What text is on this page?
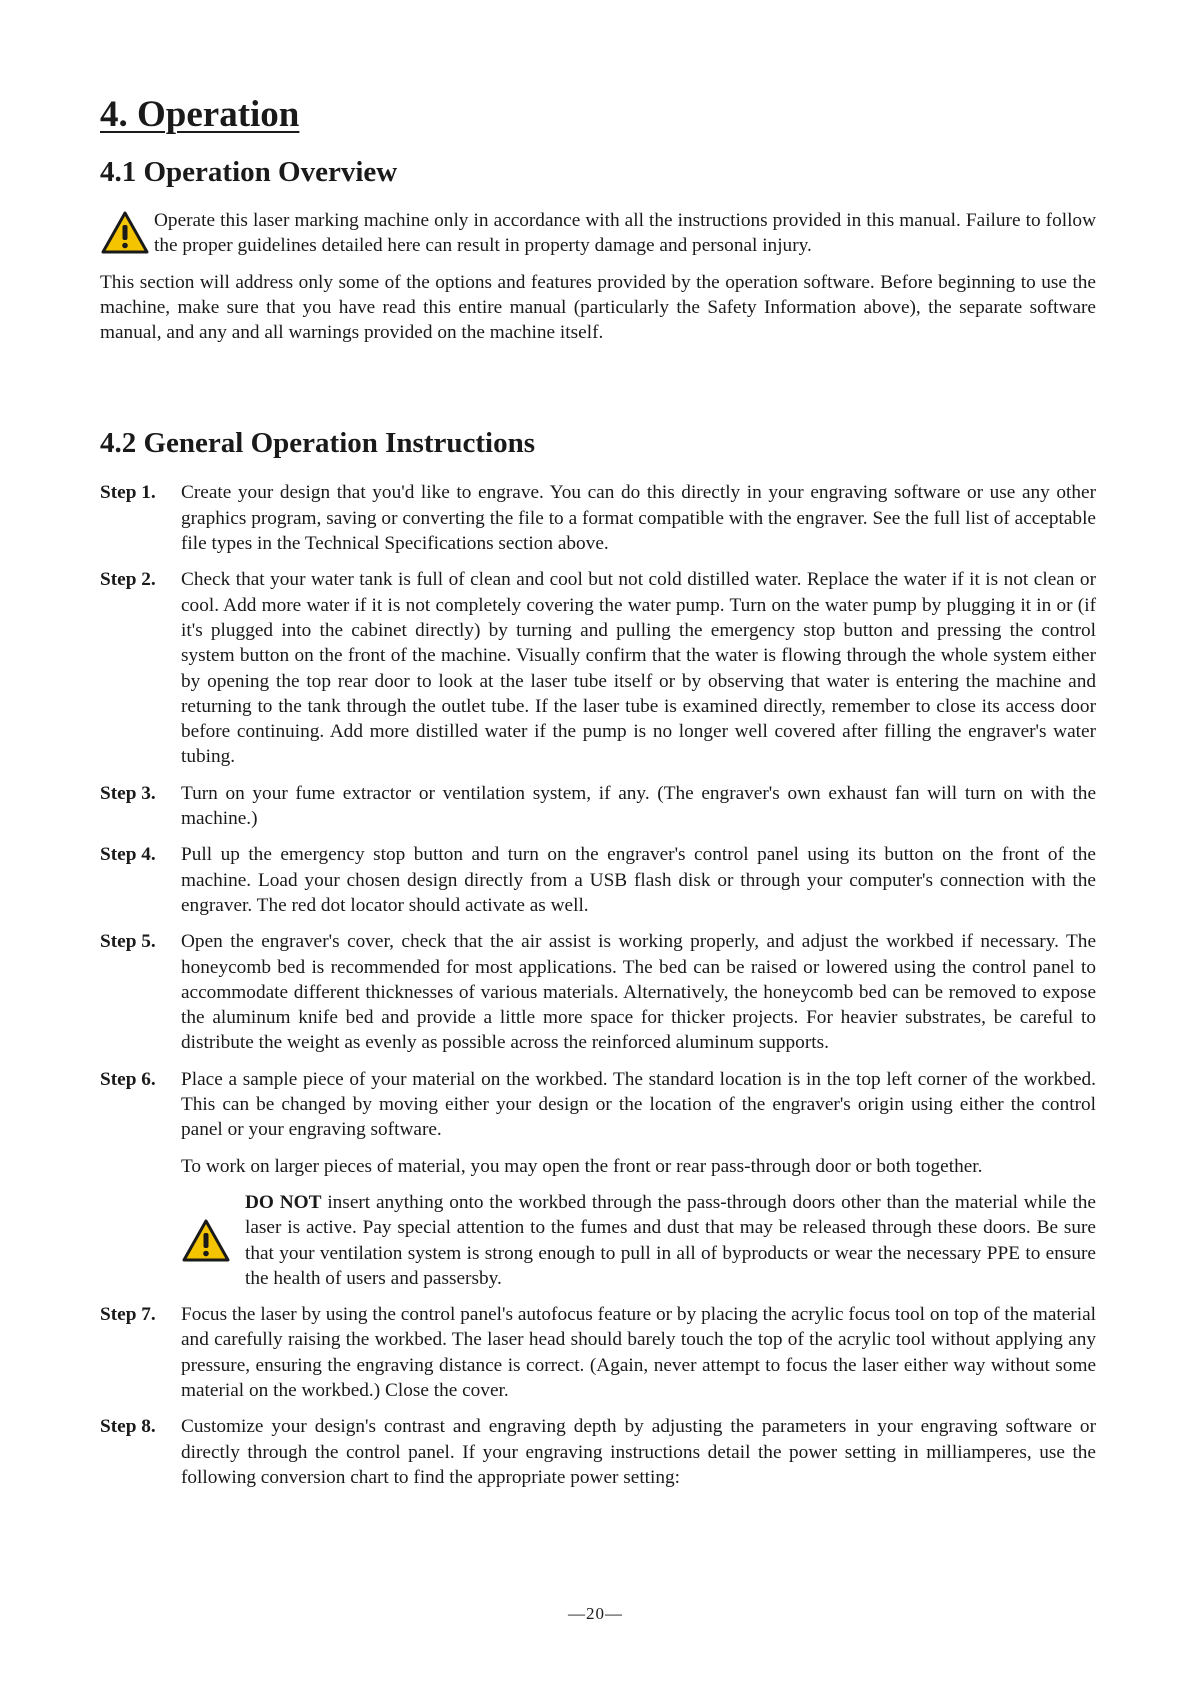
4. Operation
4.1 Operation Overview

Operate this laser marking machine only in accordance with all the instructions provided in this manual. Failure to follow the proper guidelines detailed here can result in property damage and personal injury.

This section will address only some of the options and features provided by the operation software. Before beginning to use the machine, make sure that you have read this entire manual (particularly the Safety Information above), the separate software manual, and any and all warnings provided on the machine itself.

4.2 General Operation Instructions
Step 1.	Create your design that you'd like to engrave. You can do this directly in your engraving software or use any other graphics program, saving or converting the file to a format compatible with the engraver. See the full list of acceptable file types in the Technical Specifications section above.

Step 2.	Check that your water tank is full of clean and cool but not cold distilled water. Replace the water if it is not clean or cool. Add more water if it is not completely covering the water pump. Turn on the water pump by plugging it in or (if it's plugged into the cabinet directly) by turning and pulling the emergency stop button and pressing the control system button on the front of the machine. Visually confirm that the water is flowing through the whole system either by opening the top rear door to look at the laser tube itself or by observing that water is entering the machine and returning to the tank through the outlet tube. If the laser tube is examined directly, remember to close its access door before continuing. Add more distilled water if the pump is no longer well covered after filling the engraver's water tubing.

Step 3.	Turn on your fume extractor or ventilation system, if any. (The engraver's own exhaust fan will turn on with the machine.)

Step 4.	Pull up the emergency stop button and turn on the engraver's control panel using its button on the front of the machine. Load your chosen design directly from a USB flash disk or through your computer's connection with the engraver. The red dot locator should activate as well.

Step 5.	Open the engraver's cover, check that the air assist is working properly, and adjust the workbed if necessary. The honeycomb bed is recommended for most applications. The bed can be raised or lowered using the control panel to accommodate different thicknesses of various materials. Alternatively, the honeycomb bed can be removed to expose the aluminum knife bed and provide a little more space for thicker projects. For heavier substrates, be careful to distribute the weight as evenly as possible across the reinforced aluminum supports.

Step 6.	Place a sample piece of your material on the workbed. The standard location is in the top left corner of the workbed. This can be changed by moving either your design or the location of the engraver's origin using either the control panel or your engraving software.

To work on larger pieces of material, you may open the front or rear pass-through door or both together.

DO NOT insert anything onto the workbed through the pass-through doors other than the material while the laser is active. Pay special attention to the fumes and dust that may be released through these doors. Be sure that your ventilation system is strong enough to pull in all of byproducts or wear the necessary PPE to ensure the health of users and passersby.

Step 7.	Focus the laser by using the control panel's autofocus feature or by placing the acrylic focus tool on top of the material and carefully raising the workbed. The laser head should barely touch the top of the acrylic tool without applying any pressure, ensuring the engraving distance is correct. (Again, never attempt to focus the laser either way without some material on the workbed.) Close the cover.

Step 8.	Customize your design's contrast and engraving depth by adjusting the parameters in your engraving software or directly through the control panel. If your engraving instructions detail the power setting in milliamperes, use the following conversion chart to find the appropriate power setting:

—20—
